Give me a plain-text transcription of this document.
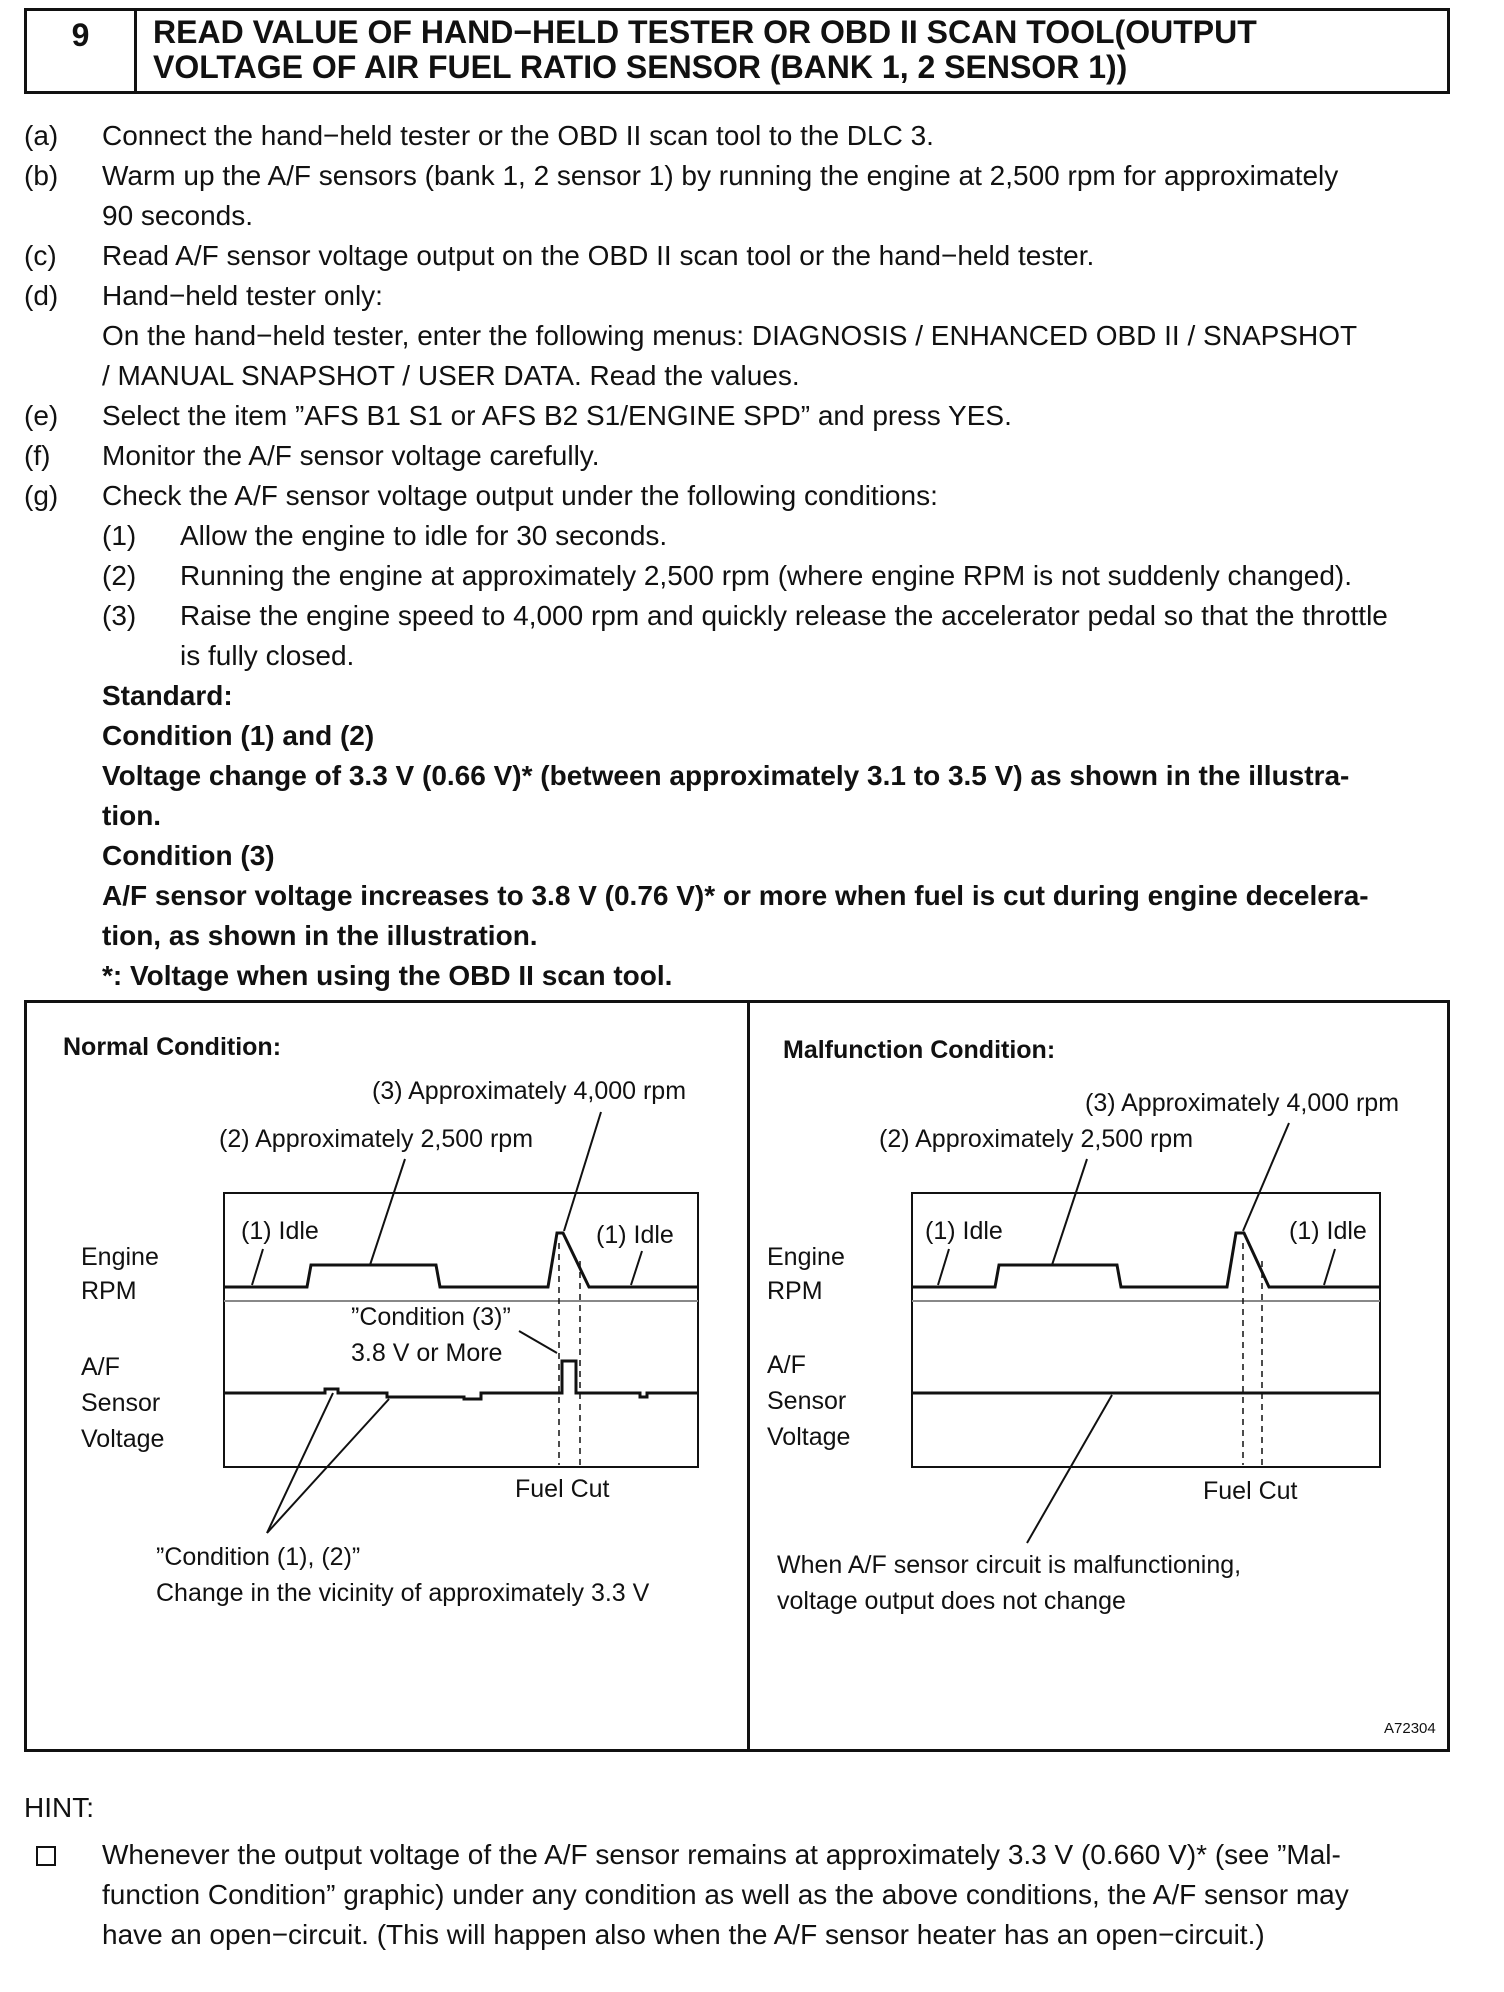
9	READ VALUE OF HAND−HELD TESTER OR OBD II SCAN TOOL(OUTPUT
VOLTAGE OF AIR FUEL RATIO SENSOR (BANK 1, 2 SENSOR 1))
(a)	Connect the hand−held tester or the OBD II scan tool to the DLC 3.
(b)	Warm up the A/F sensors (bank 1, 2 sensor 1) by running the engine at 2,500 rpm for approximately
90 seconds.
(c)	Read A/F sensor voltage output on the OBD II scan tool or the hand−held tester.
(d)	Hand−held tester only:
On the hand−held tester, enter the following menus: DIAGNOSIS / ENHANCED OBD II / SNAPSHOT
/ MANUAL SNAPSHOT / USER DATA. Read the values.
(e)	Select the item ”AFS B1 S1 or AFS B2 S1/ENGINE SPD” and press YES.
(f)	Monitor the A/F sensor voltage carefully.
(g)	Check the A/F sensor voltage output under the following conditions:
(1)	Allow the engine to idle for 30 seconds.
(2)	Running the engine at approximately 2,500 rpm (where engine RPM is not suddenly changed).
(3)	Raise the engine speed to 4,000 rpm and quickly release the accelerator pedal so that the throttle
is fully closed.
Standard:
Condition (1) and (2)
Voltage change of 3.3 V (0.66 V)* (between approximately 3.1 to 3.5 V) as shown in the illustra-
tion.
Condition (3)
A/F sensor voltage increases to 3.8 V (0.76 V)* or more when fuel is cut during engine decelera-
tion, as shown in the illustration.
*: Voltage when using the OBD II scan tool.
Normal Condition:
(3) Approximately 4,000 rpm
(2) Approximately 2,500 rpm
(1) Idle	(1) Idle
Engine
RPM
A/F
Sensor
Voltage
”Condition (3)”
3.8 V or More
Fuel Cut
”Condition (1), (2)”
Change in the vicinity of approximately 3.3 V
Malfunction Condition:
(3) Approximately 4,000 rpm
(2) Approximately 2,500 rpm
(1) Idle	(1) Idle
Engine
RPM
A/F
Sensor
Voltage
Fuel Cut
When A/F sensor circuit is malfunctioning,
voltage output does not change
A72304
HINT:
Whenever the output voltage of the A/F sensor remains at approximately 3.3 V (0.660 V)* (see ”Mal-
function Condition” graphic) under any condition as well as the above conditions, the A/F sensor may
have an open−circuit. (This will happen also when the A/F sensor heater has an open−circuit.)
